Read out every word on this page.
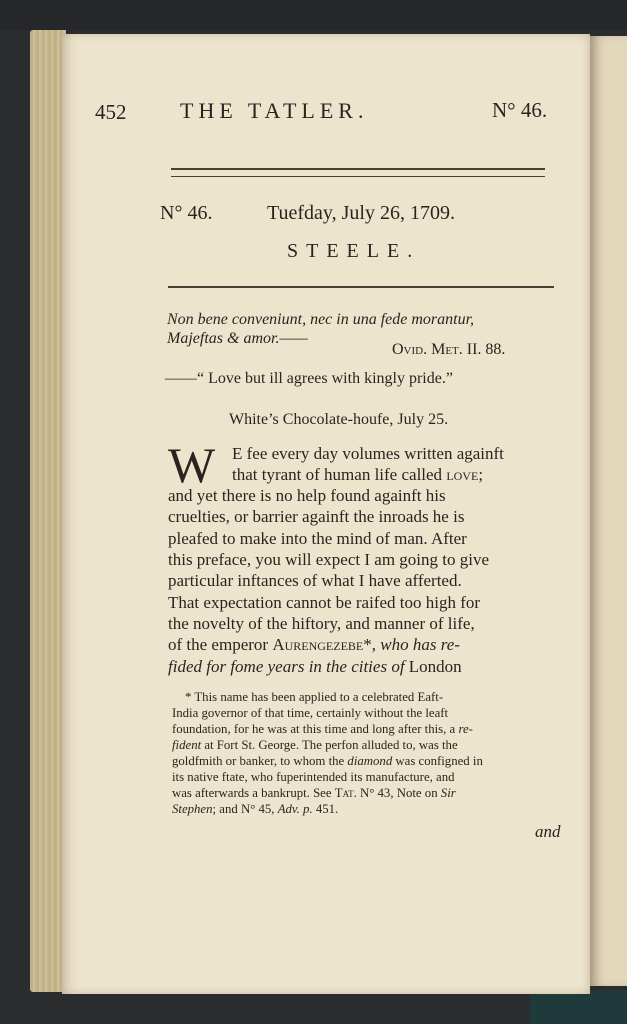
452 THE TATLER.	N° 46.
N° 46.	Tuefday, July 26, 1709.
STEELE.
Non bene conveniunt, nec in una fede morantur,
Majeftas & amor.——
Ovid. Met. II. 88.
——“ Love but ill agrees with kingly pride.”
White’s Chocolate-houfe, July 25.
W E fee every day volumes written againft
that tyrant of human life called love;
and yet there is no help found againft his
cruelties, or barrier againft the inroads he is
pleafed to make into the mind of man. After
this preface, you will expect I am going to give
particular inftances of what I have afferted.
That expectation cannot be raifed too high for
the novelty of the hiftory, and manner of life,
of the emperor Aurengezebe*, who has re-
fided for fome years in the cities of London
* This name has been applied to a celebrated Eaft-
India governor of that time, certainly without the leaft
foundation, for he was at this time and long after this, a re-
fident at Fort St. George. The perfon alluded to, was the
goldfmith or banker, to whom the diamond was configned in
its native ftate, who fuperintended its manufacture, and
was afterwards a bankrupt. See Tat. N° 43, Note on Sir
Stephen; and N° 45, Adv. p. 451.
and
